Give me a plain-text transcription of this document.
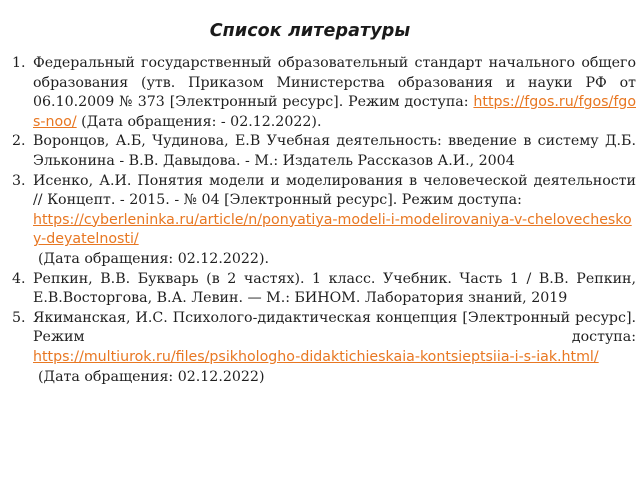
Список литературы
1. Федеральный государственный образовательный стандарт начального общего образования (утв. Приказом Министерства образования и науки РФ от 06.10.2009 № 373 [Электронный ресурс]. Режим доступа: https://fgos.ru/fgos/fgos-noo/ (Дата обращения: - 02.12.2022).
2. Воронцов, А.Б, Чудинова, Е.В Учебная деятельность: введение в систему Д.Б. Эльконина - В.В. Давыдова. - М.: Издатель Рассказов А.И., 2004
3. Исенко, А.И. Понятия модели и моделирования в человеческой деятельности // Концепт. - 2015. - № 04 [Электронный ресурс]. Режим доступа:
https://cyberleninka.ru/article/n/ponyatiya-modeli-i-modelirovaniya-v-chelovecheskoy-deyatelnosti/
(Дата обращения: 02.12.2022).
4. Репкин, В.В. Букварь (в 2 частях). 1 класс. Учебник. Часть 1 / В.В. Репкин, Е.В.Восторгова, В.А. Левин. — М.: БИНОМ. Лаборатория знаний, 2019
5. Якиманская, И.С. Психолого-дидактическая концепция [Электронный ресурс]. Режим доступа:
https://multiurok.ru/files/psikhologho-didaktichieskaia-kontsieptsiia-i-s-iak.html/
(Дата обращения: 02.12.2022)
